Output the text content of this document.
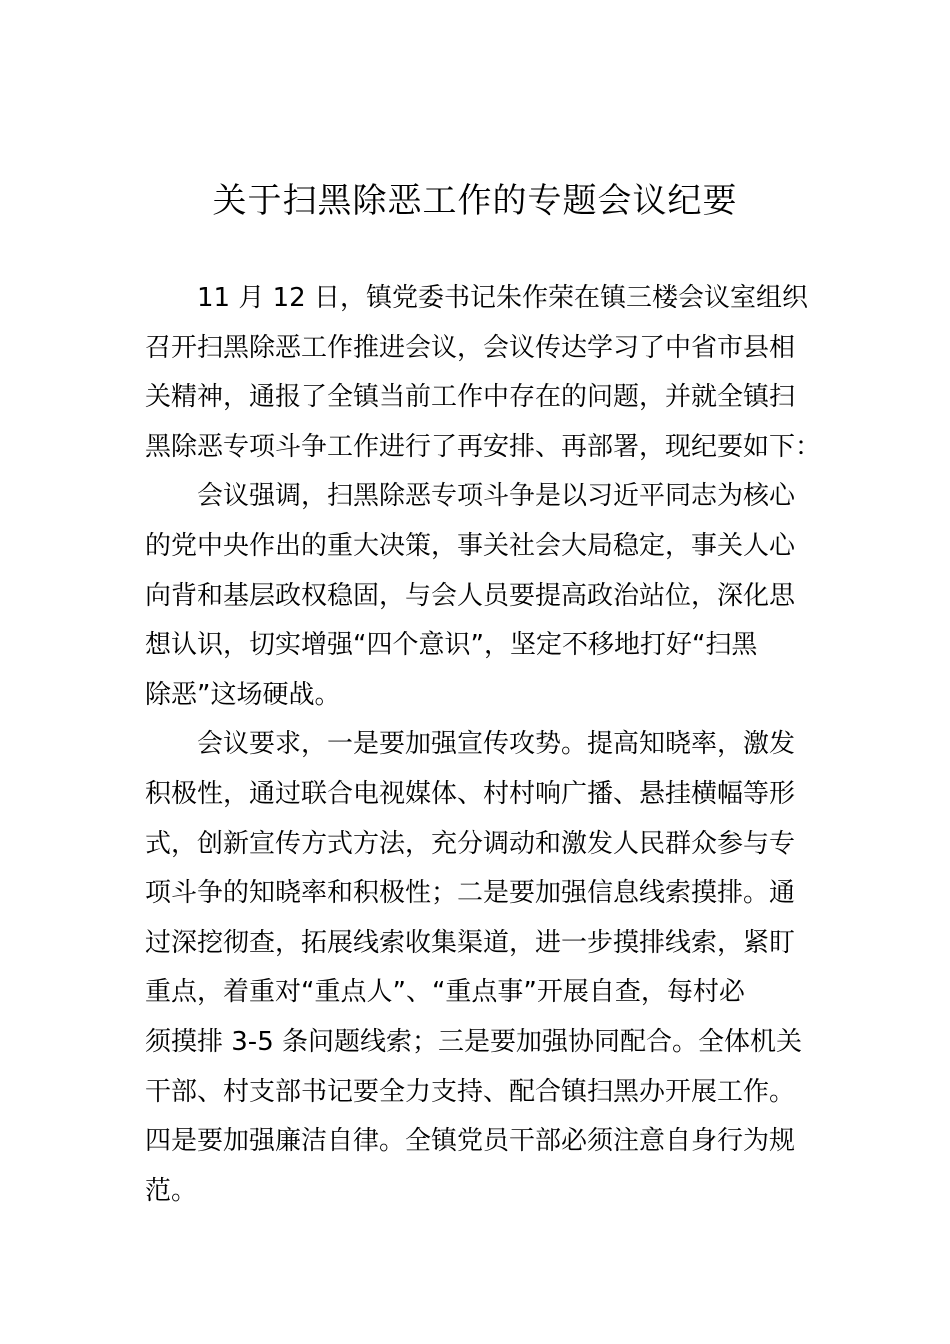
关于扫黑除恶工作的专题会议纪要
11 月 12 日，镇党委书记朱作荣在镇三楼会议室组织
召开扫黑除恶工作推进会议，会议传达学习了中省市县相
关精神，通报了全镇当前工作中存在的问题，并就全镇扫
黑除恶专项斗争工作进行了再安排、再部署，现纪要如下：
会议强调，扫黑除恶专项斗争是以习近平同志为核心
的党中央作出的重大决策，事关社会大局稳定，事关人心
向背和基层政权稳固，与会人员要提高政治站位，深化思
想认识，切实增强“四个意识”，坚定不移地打好“扫黑
除恶”这场硬战。
会议要求，一是要加强宣传攻势。提高知晓率，激发
积极性，通过联合电视媒体、村村响广播、悬挂横幅等形
式，创新宣传方式方法，充分调动和激发人民群众参与专
项斗争的知晓率和积极性；二是要加强信息线索摸排。通
过深挖彻查，拓展线索收集渠道，进一步摸排线索，紧盯
重点，着重对“重点人”、“重点事”开展自查，每村必
须摸排 3-5 条问题线索；三是要加强协同配合。全体机关
干部、村支部书记要全力支持、配合镇扫黑办开展工作。
四是要加强廉洁自律。全镇党员干部必须注意自身行为规
范。
